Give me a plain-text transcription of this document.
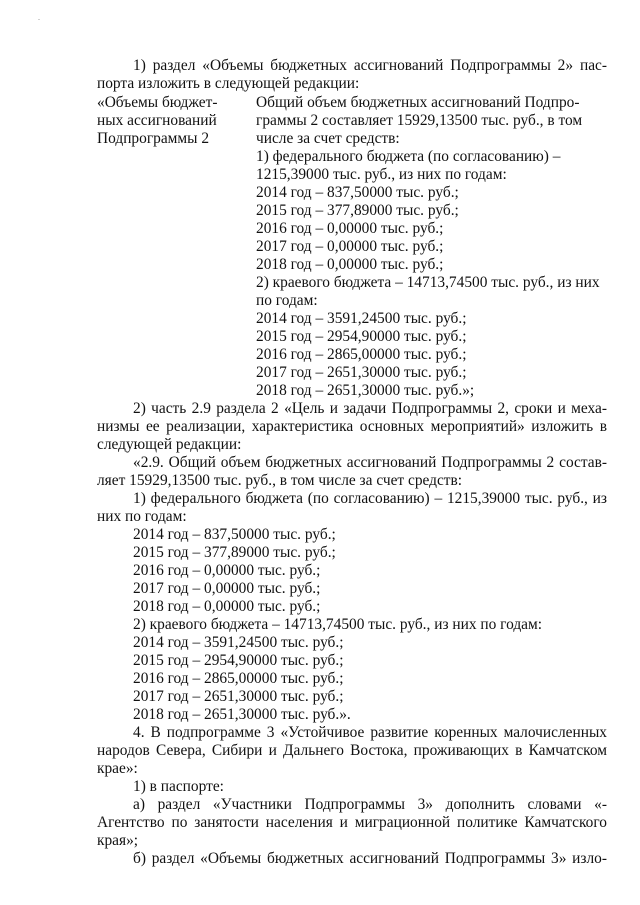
.
1) раздел «Объемы бюджетных ассигнований Подпрограммы 2» пас-
порта изложить в следующей редакции:
«Объемы бюджет-
ных ассигнований
Подпрограммы 2
Общий объем бюджетных ассигнований Подпро-
граммы 2 составляет 15929,13500 тыс. руб., в том
числе за счет средств:
1) федерального бюджета (по согласованию) –
1215,39000 тыс. руб., из них по годам:
2014 год – 837,50000 тыс. руб.;
2015 год – 377,89000 тыс. руб.;
2016 год – 0,00000 тыс. руб.;
2017 год – 0,00000 тыс. руб.;
2018 год – 0,00000 тыс. руб.;
2) краевого бюджета – 14713,74500 тыс. руб., из них
по годам:
2014 год – 3591,24500 тыс. руб.;
2015 год – 2954,90000 тыс. руб.;
2016 год – 2865,00000 тыс. руб.;
2017 год – 2651,30000 тыс. руб.;
2018 год – 2651,30000 тыс. руб.»;
2) часть 2.9 раздела 2 «Цель и задачи Подпрограммы 2, сроки и меха-
низмы ее реализации, характеристика основных мероприятий» изложить в
следующей редакции:
«2.9. Общий объем бюджетных ассигнований Подпрограммы 2 состав-
ляет 15929,13500 тыс. руб., в том числе за счет средств:
1) федерального бюджета (по согласованию) – 1215,39000 тыс. руб., из
них по годам:
2014 год – 837,50000 тыс. руб.;
2015 год – 377,89000 тыс. руб.;
2016 год – 0,00000 тыс. руб.;
2017 год – 0,00000 тыс. руб.;
2018 год – 0,00000 тыс. руб.;
2) краевого бюджета – 14713,74500 тыс. руб., из них по годам:
2014 год – 3591,24500 тыс. руб.;
2015 год – 2954,90000 тыс. руб.;
2016 год – 2865,00000 тыс. руб.;
2017 год – 2651,30000 тыс. руб.;
2018 год – 2651,30000 тыс. руб.».
4. В подпрограмме 3 «Устойчивое развитие коренных малочисленных
народов Севера, Сибири и Дальнего Востока, проживающих в Камчатском
крае»:
1) в паспорте:
а) раздел «Участники Подпрограммы 3» дополнить словами «-
Агентство по занятости населения и миграционной политике Камчатского
края»;
б) раздел «Объемы бюджетных ассигнований Подпрограммы 3» изло-
